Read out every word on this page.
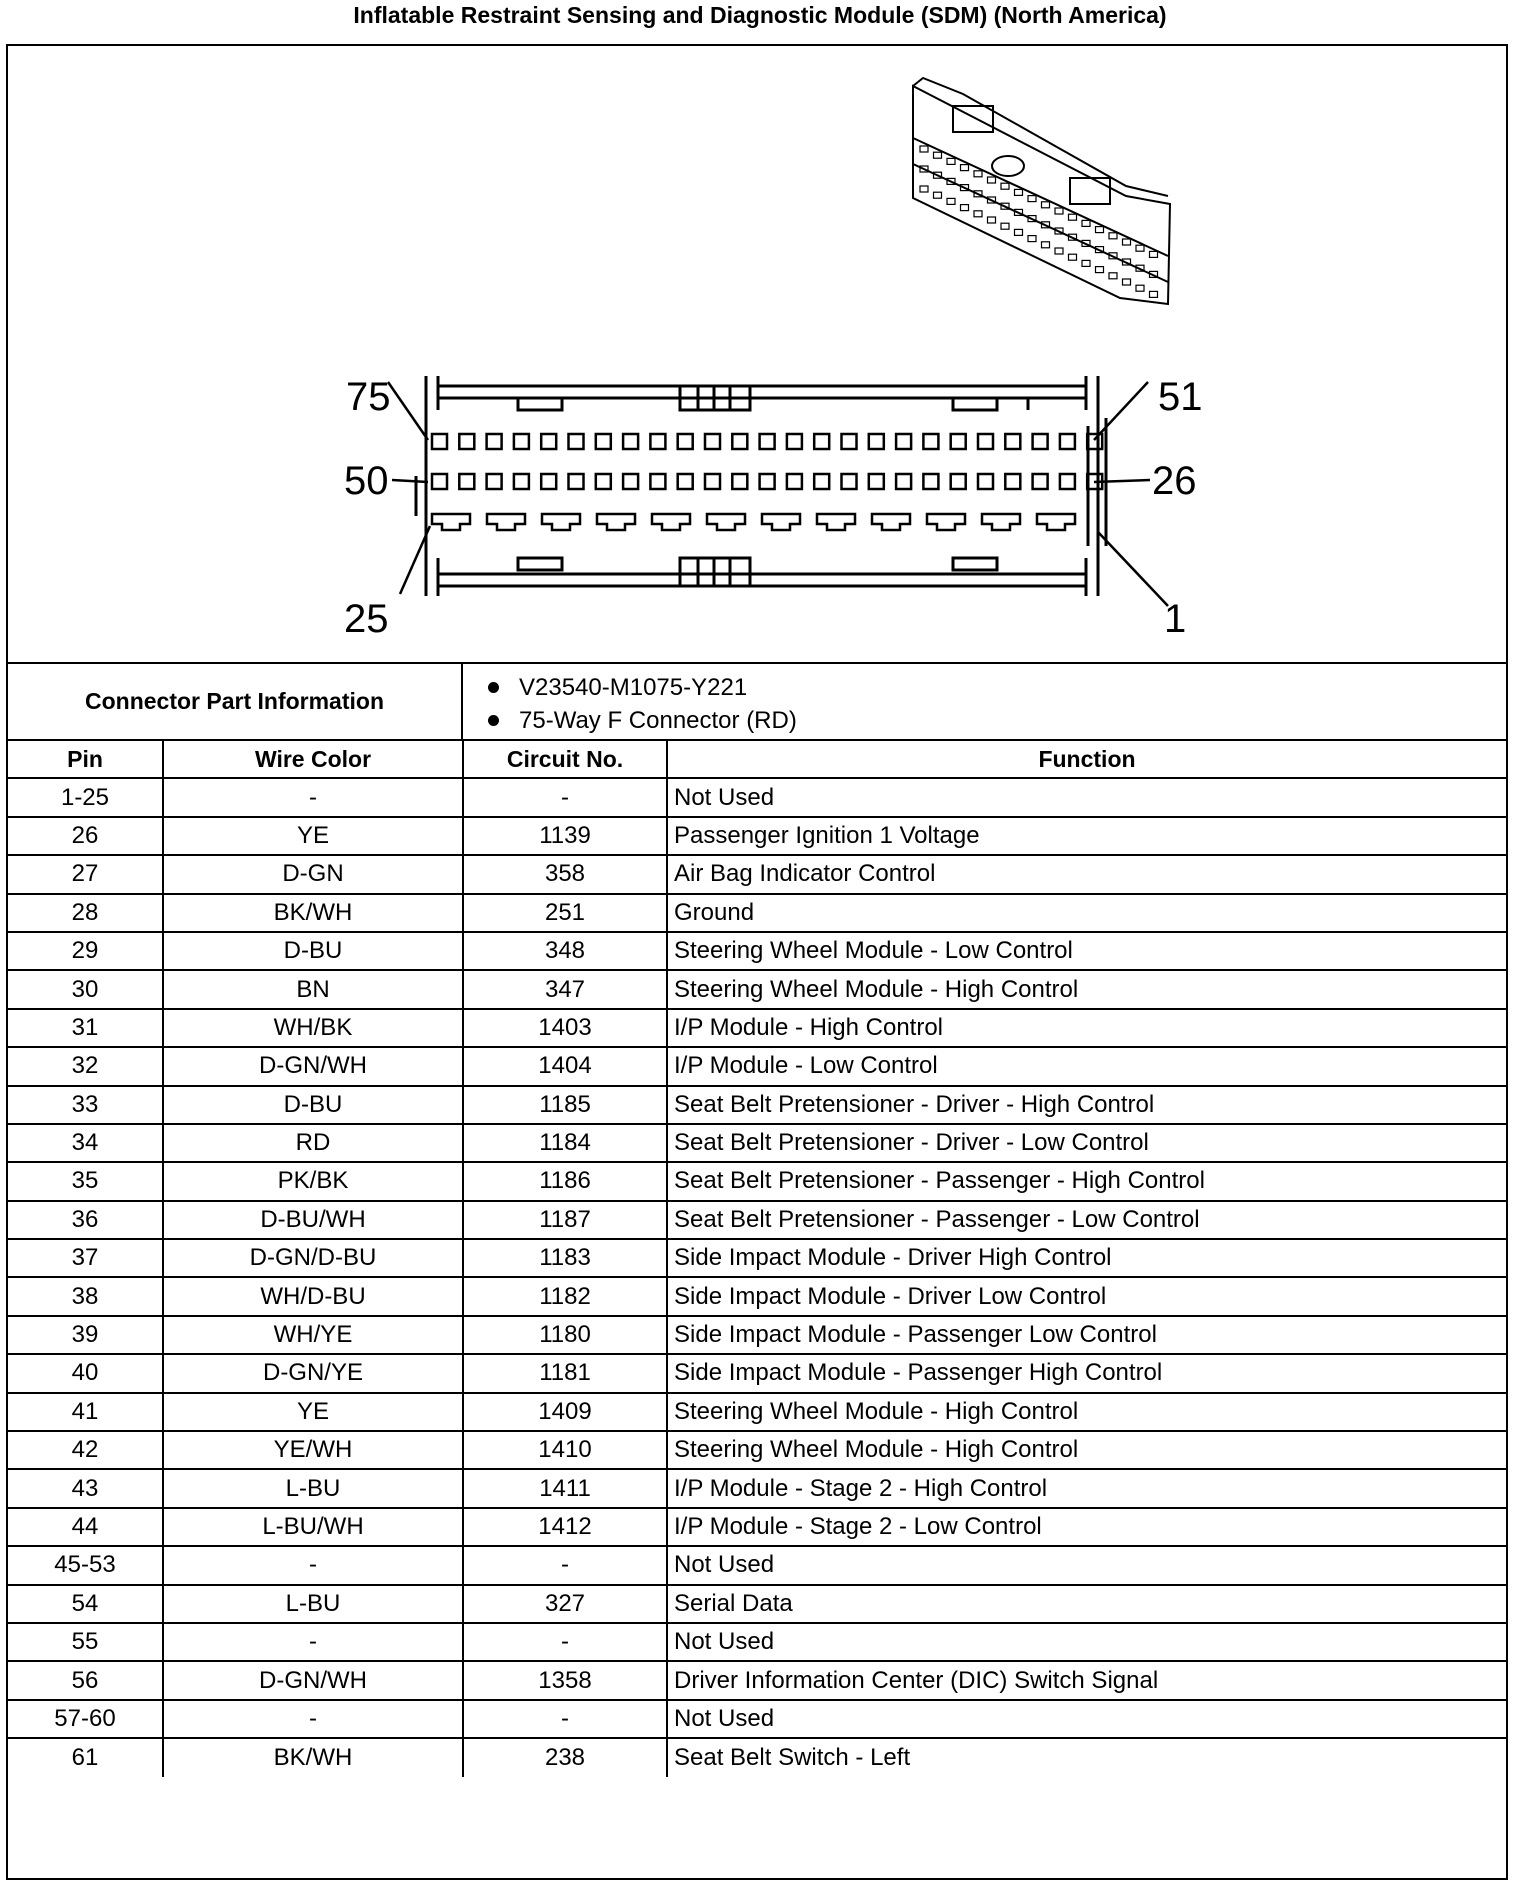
Inflatable Restraint Sensing and Diagnostic Module (SDM) (North America)
75	51
50	26
25	1
Connector Part Information	V23540-M1075-Y221
75-Way F Connector (RD)
Pin	Wire Color	Circuit No.	Function
1-25	-	-	Not Used
26	YE	1139	Passenger Ignition 1 Voltage
27	D-GN	358	Air Bag Indicator Control
28	BK/WH	251	Ground
29	D-BU	348	Steering Wheel Module - Low Control
30	BN	347	Steering Wheel Module - High Control
31	WH/BK	1403	I/P Module - High Control
32	D-GN/WH	1404	I/P Module - Low Control
33	D-BU	1185	Seat Belt Pretensioner - Driver - High Control
34	RD	1184	Seat Belt Pretensioner - Driver - Low Control
35	PK/BK	1186	Seat Belt Pretensioner - Passenger - High Control
36	D-BU/WH	1187	Seat Belt Pretensioner - Passenger - Low Control
37	D-GN/D-BU	1183	Side Impact Module - Driver High Control
38	WH/D-BU	1182	Side Impact Module - Driver Low Control
39	WH/YE	1180	Side Impact Module - Passenger Low Control
40	D-GN/YE	1181	Side Impact Module - Passenger High Control
41	YE	1409	Steering Wheel Module - High Control
42	YE/WH	1410	Steering Wheel Module - High Control
43	L-BU	1411	I/P Module - Stage 2 - High Control
44	L-BU/WH	1412	I/P Module - Stage 2 - Low Control
45-53	-	-	Not Used
54	L-BU	327	Serial Data
55	-	-	Not Used
56	D-GN/WH	1358	Driver Information Center (DIC) Switch Signal
57-60	-	-	Not Used
61	BK/WH	238	Seat Belt Switch - Left
